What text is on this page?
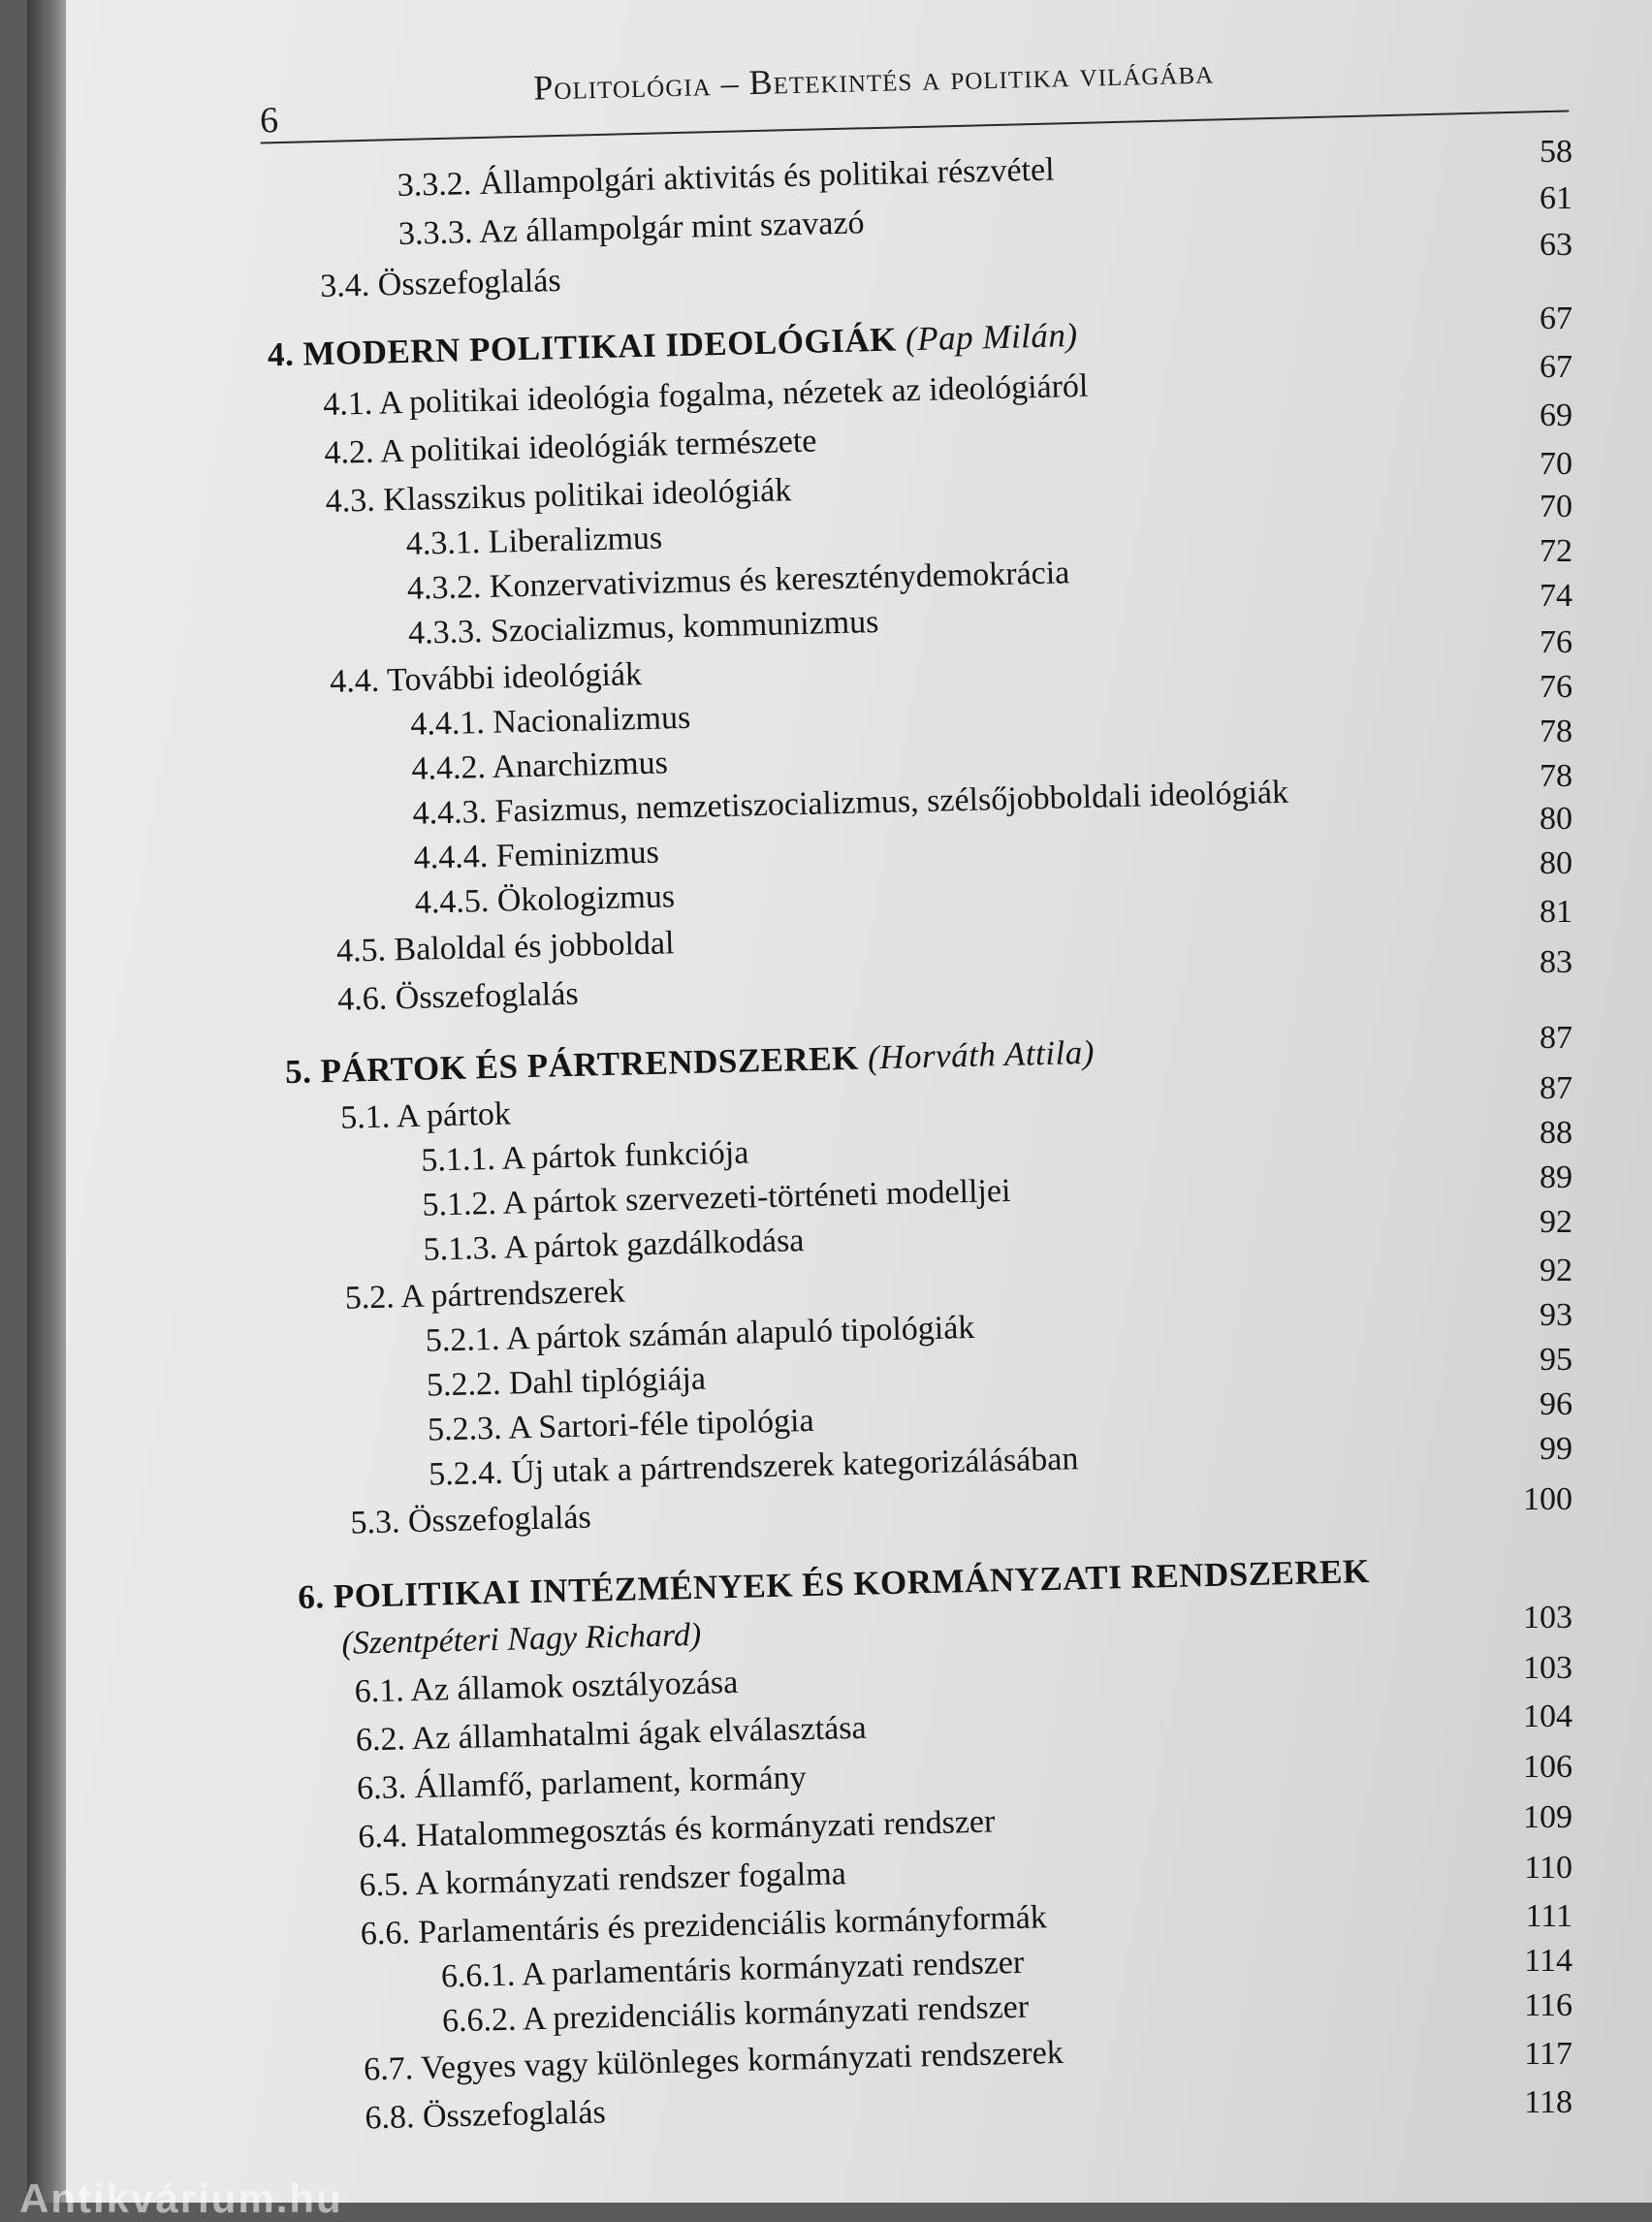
6
Politológia – Betekintés a politika világába
3.3.2. Állampolgári aktivitás és politikai részvétel
3.3.3. Az állampolgár mint szavazó
3.4. Összefoglalás
4. MODERN POLITIKAI IDEOLÓGIÁK (Pap Milán)
4.1. A politikai ideológia fogalma, nézetek az ideológiáról
4.2. A politikai ideológiák természete
4.3. Klasszikus politikai ideológiák
4.3.1. Liberalizmus
4.3.2. Konzervativizmus és kereszténydemokrácia
4.3.3. Szocializmus, kommunizmus
4.4. További ideológiák
4.4.1. Nacionalizmus
4.4.2. Anarchizmus
4.4.3. Fasizmus, nemzetiszocializmus, szélsőjobboldali ideológiák
4.4.4. Feminizmus
4.4.5. Ökologizmus
4.5. Baloldal és jobboldal
4.6. Összefoglalás
5. PÁRTOK ÉS PÁRTRENDSZEREK (Horváth Attila)
5.1. A pártok
5.1.1. A pártok funkciója
5.1.2. A pártok szervezeti-történeti modelljei
5.1.3. A pártok gazdálkodása
5.2. A pártrendszerek
5.2.1. A pártok számán alapuló tipológiák
5.2.2. Dahl tiplógiája
5.2.3. A Sartori-féle tipológia
5.2.4. Új utak a pártrendszerek kategorizálásában
5.3. Összefoglalás
6. POLITIKAI INTÉZMÉNYEK ÉS KORMÁNYZATI RENDSZEREK
(Szentpéteri Nagy Richard)
6.1. Az államok osztályozása
6.2. Az államhatalmi ágak elválasztása
6.3. Államfő, parlament, kormány
6.4. Hatalommegosztás és kormányzati rendszer
6.5. A kormányzati rendszer fogalma
6.6. Parlamentáris és prezidenciális kormányformák
6.6.1. A parlamentáris kormányzati rendszer
6.6.2. A prezidenciális kormányzati rendszer
6.7. Vegyes vagy különleges kormányzati rendszerek
6.8. Összefoglalás
58
61
63
67
67
69
70
70
72
74
76
76
78
78
80
80
81
83
87
87
88
89
92
92
93
95
96
99
100
103
103
104
106
109
110
111
114
116
117
118
Antikvárium.hu
